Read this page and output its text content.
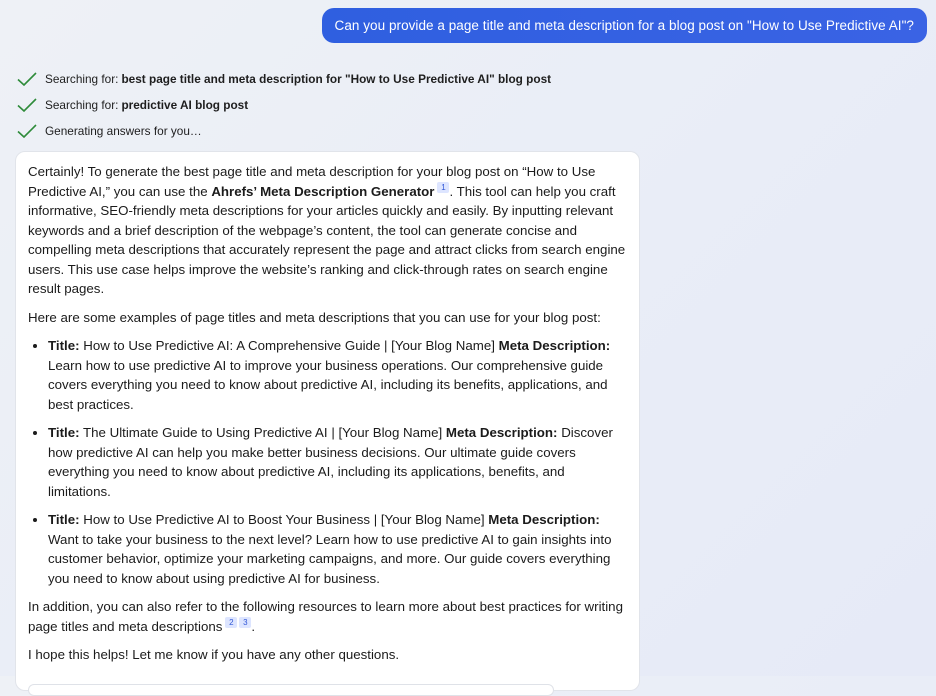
Can you provide a page title and meta description for a blog post on "How to Use Predictive AI"?
Searching for: best page title and meta description for "How to Use Predictive AI" blog post
Searching for: predictive AI blog post
Generating answers for you…

Certainly! To generate the best page title and meta description for your blog post on “How to Use Predictive AI,” you can use the Ahrefs’ Meta Description Generator 1 . This tool can help you craft informative, SEO-friendly meta descriptions for your articles quickly and easily. By inputting relevant keywords and a brief description of the webpage’s content, the tool can generate concise and compelling meta descriptions that accurately represent the page and attract clicks from search engine users. This use case helps improve the website’s ranking and click-through rates on search engine result pages.

Here are some examples of page titles and meta descriptions that you can use for your blog post:

• Title: How to Use Predictive AI: A Comprehensive Guide | [Your Blog Name] Meta Description: Learn how to use predictive AI to improve your business operations. Our comprehensive guide covers everything you need to know about predictive AI, including its benefits, applications, and best practices.
• Title: The Ultimate Guide to Using Predictive AI | [Your Blog Name] Meta Description: Discover how predictive AI can help you make better business decisions. Our ultimate guide covers everything you need to know about predictive AI, including its applications, benefits, and limitations.
• Title: How to Use Predictive AI to Boost Your Business | [Your Blog Name] Meta Description: Want to take your business to the next level? Learn how to use predictive AI to gain insights into customer behavior, optimize your marketing campaigns, and more. Our guide covers everything you need to know about using predictive AI for business.

In addition, you can also refer to the following resources to learn more about best practices for writing page titles and meta descriptions 2 3 .

I hope this helps! Let me know if you have any other questions.
